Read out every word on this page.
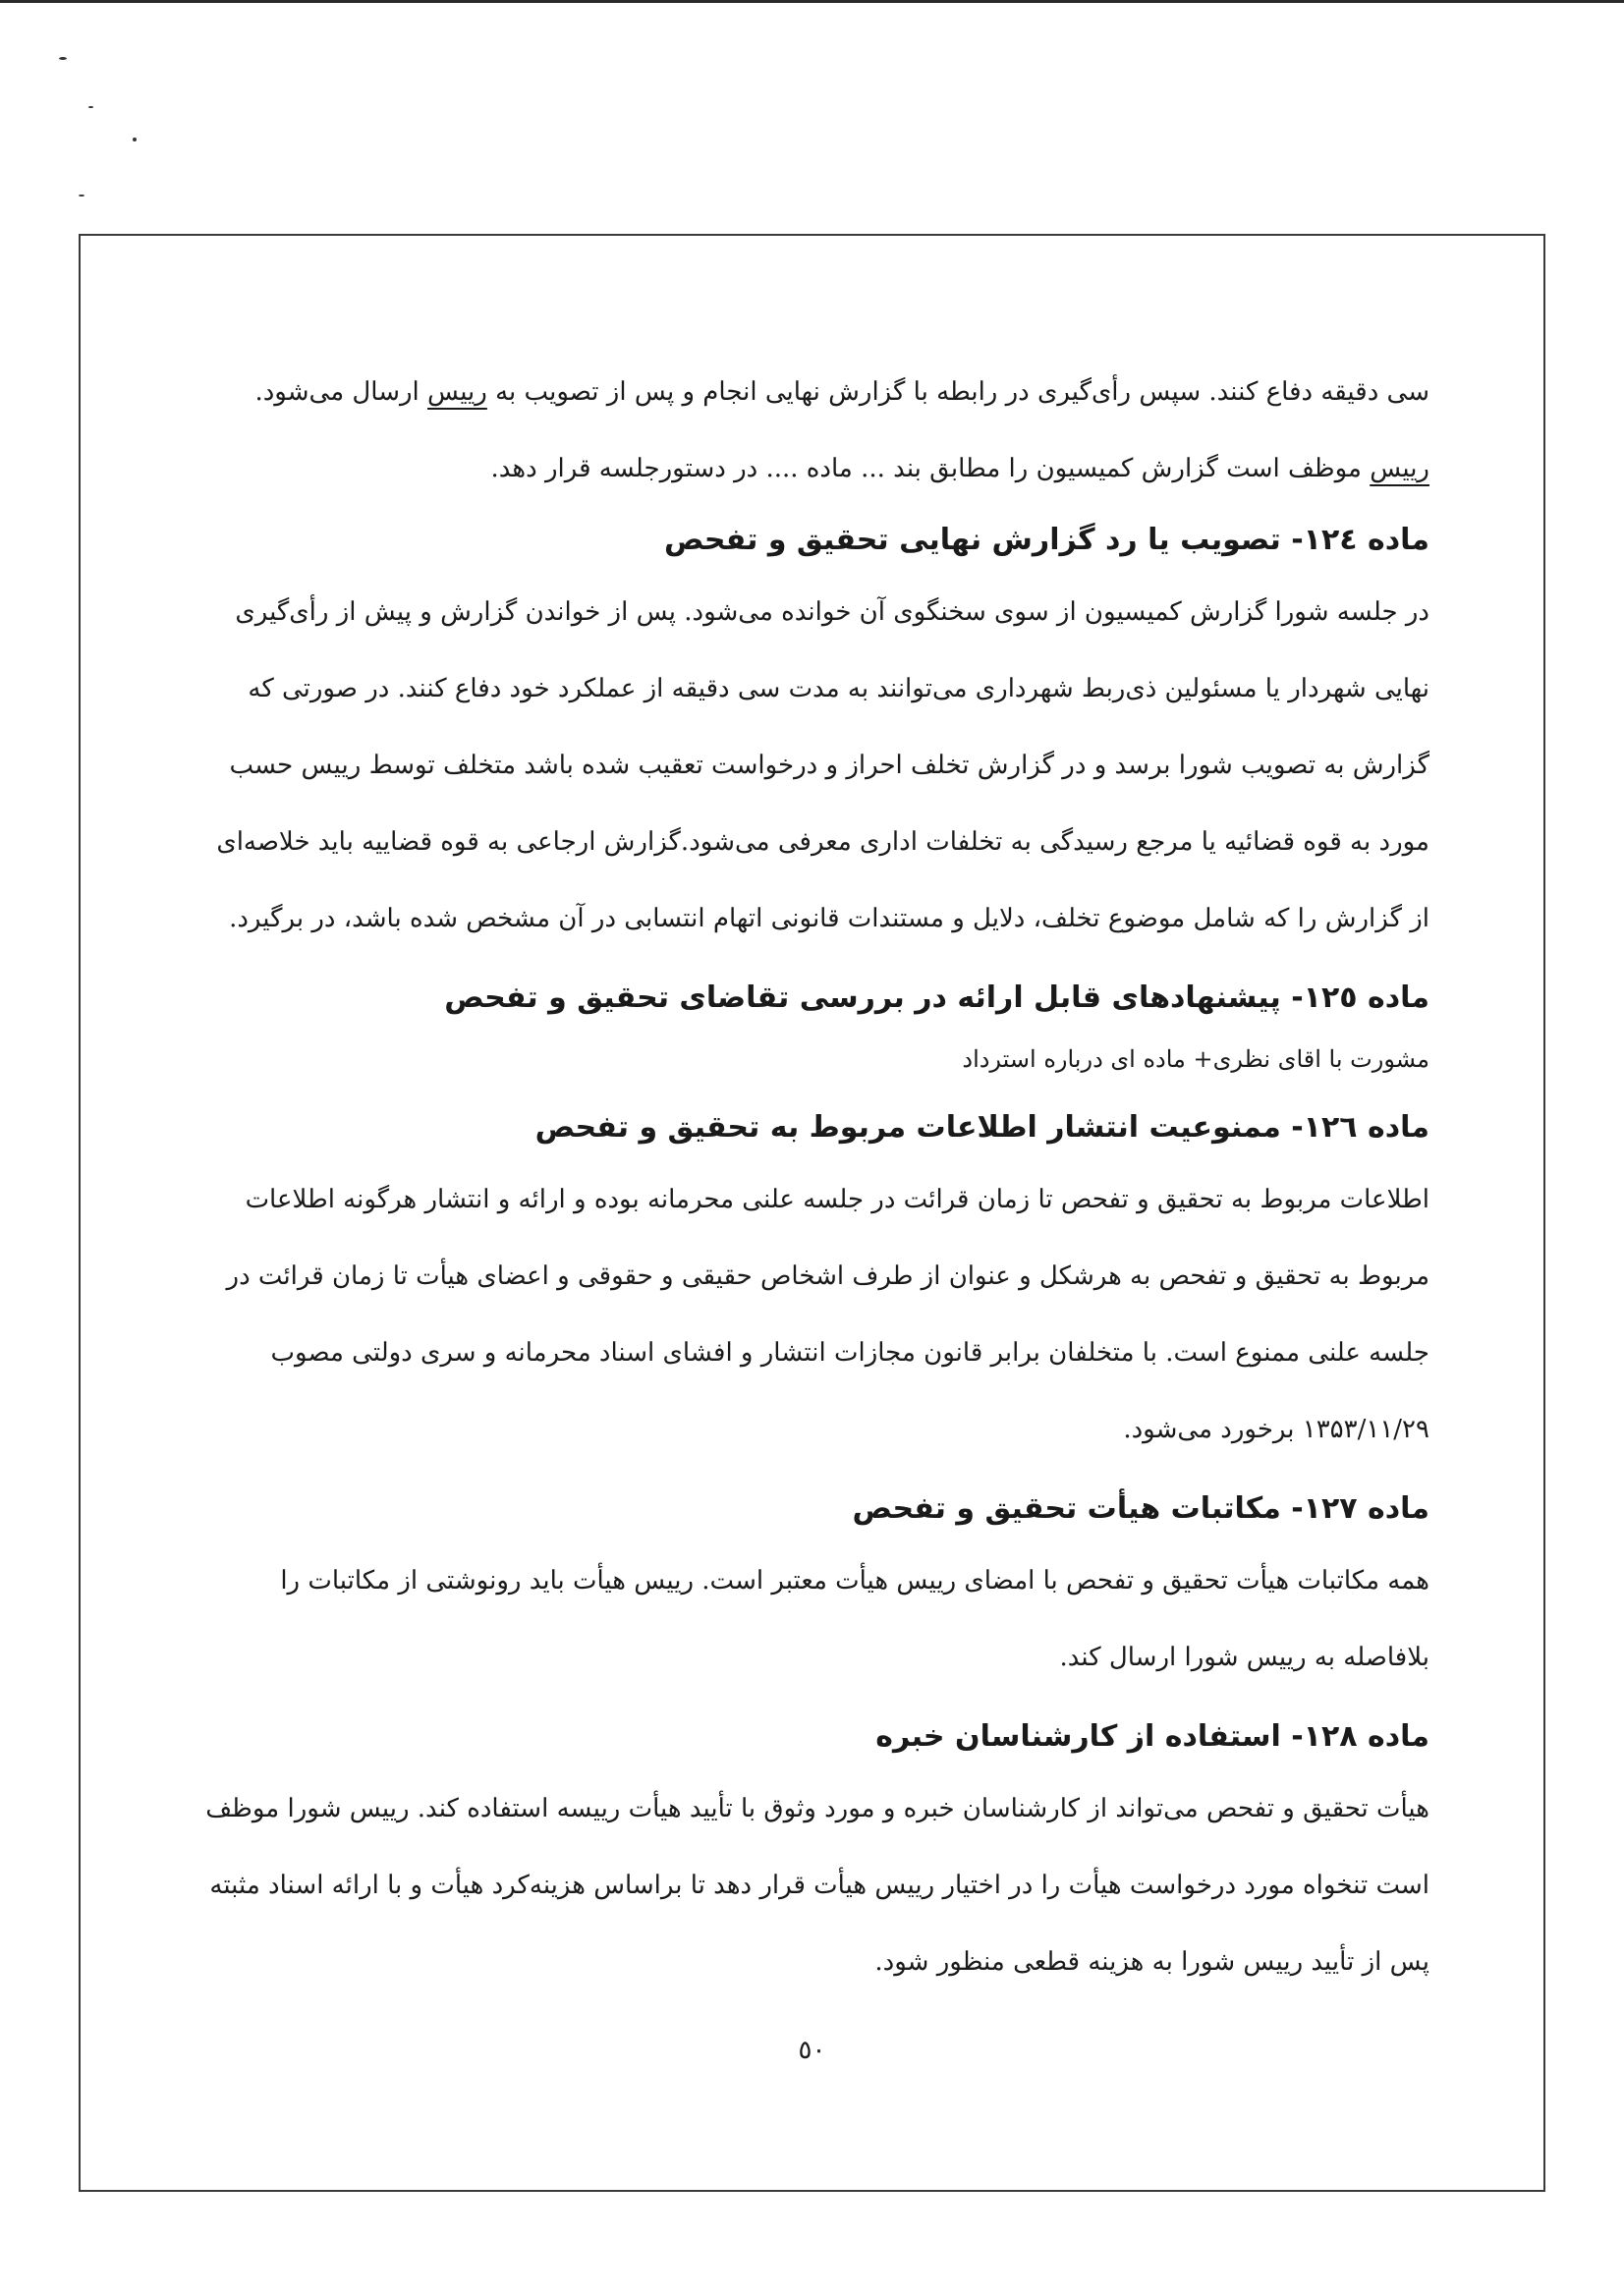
سی دقیقه دفاع کنند. سپس رأی‌گیری در رابطه با گزارش نهایی انجام و پس از تصویب به رییس ارسال می‌شود.
رییس موظف است گزارش کمیسیون را مطابق بند ... ماده .... در دستورجلسه قرار دهد.
ماده ۱۲٤- تصویب یا رد گزارش نهایی تحقیق و تفحص
در جلسه شورا گزارش کمیسیون از سوی سخنگوی آن خوانده می‌شود. پس از خواندن گزارش و پیش از رأی‌گیری
نهایی شهردار یا مسئولین ذی‌ربط شهرداری می‌توانند به مدت سی دقیقه از عملکرد خود دفاع کنند. در صورتی که
گزارش به تصویب شورا برسد و در گزارش تخلف احراز و درخواست تعقیب شده باشد متخلف توسط رییس حسب
مورد به قوه قضائیه یا مرجع رسیدگی به تخلفات اداری معرفی می‌شود.گزارش ارجاعی به قوه قضاییه باید خلاصه‌ای
از گزارش را که شامل موضوع تخلف، دلایل و مستندات قانونی اتهام انتسابی در آن مشخص شده باشد، در برگیرد.
ماده ۱۲٥- پیشنهادهای قابل ارائه در بررسی تقاضای تحقیق و تفحص
مشورت با اقای نظری+ ماده ای درباره استرداد
ماده ۱۲٦- ممنوعیت انتشار اطلاعات مربوط به تحقیق و تفحص
اطلاعات مربوط به تحقیق و تفحص تا زمان قرائت در جلسه علنی محرمانه بوده و ارائه و انتشار هرگونه اطلاعات
مربوط به تحقیق و تفحص به هرشکل و عنوان از طرف اشخاص حقیقی و حقوقی و اعضای هیأت تا زمان قرائت در
جلسه علنی ممنوع است. با متخلفان برابر قانون مجازات انتشار و افشای اسناد محرمانه و سری دولتی مصوب
۱۳۵۳/۱۱/۲۹ برخورد می‌شود.
ماده ۱۲۷- مکاتبات هیأت تحقیق و تفحص
همه مکاتبات هیأت تحقیق و تفحص با امضای رییس هیأت معتبر است. رییس هیأت باید رونوشتی از مکاتبات را
بلافاصله به رییس شورا ارسال کند.
ماده ۱۲۸- استفاده از کارشناسان خبره
هیأت تحقیق و تفحص می‌تواند از کارشناسان خبره و مورد وثوق با تأیید هیأت رییسه استفاده کند. رییس شورا موظف
است تنخواه مورد درخواست هیأت را در اختیار رییس هیأت قرار دهد تا براساس هزینه‌کرد هیأت و با ارائه اسناد مثبته
پس از تأیید رییس شورا به هزینه قطعی منظور شود.
٥٠
